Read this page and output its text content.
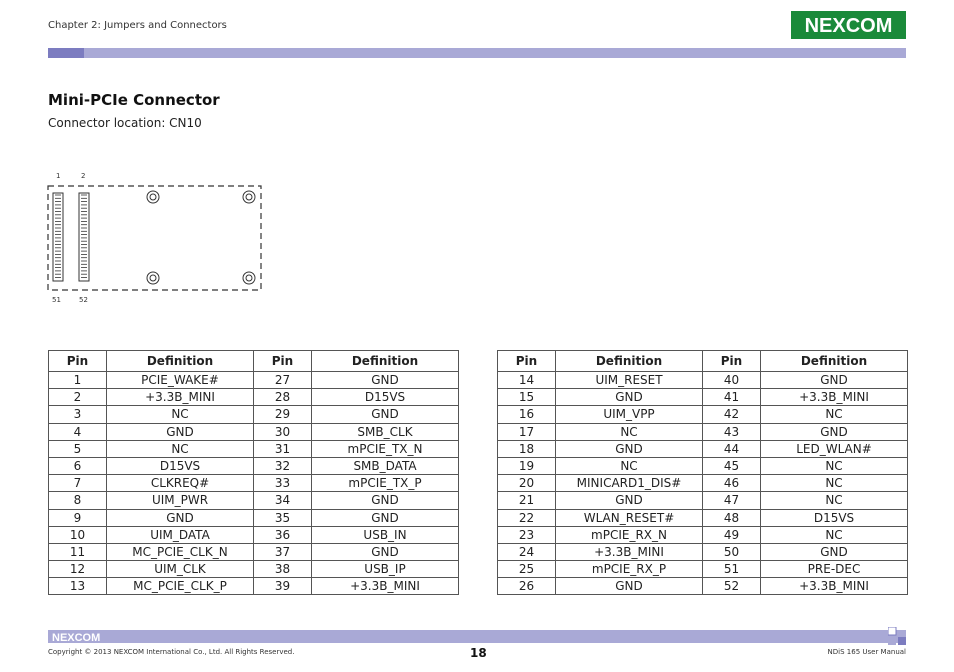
Chapter 2: Jumpers and Connectors	NEXCOM
Mini-PCIe Connector
Connector location: CN10
1	2
51	52
Pin	Definition	Pin	Definition
1	PCIE_WAKE#	27	GND
2	+3.3B_MINI	28	D15VS
3	NC	29	GND
4	GND	30	SMB_CLK
5	NC	31	mPCIE_TX_N
6	D15VS	32	SMB_DATA
7	CLKREQ#	33	mPCIE_TX_P
8	UIM_PWR	34	GND
9	GND	35	GND
10	UIM_DATA	36	USB_IN
11	MC_PCIE_CLK_N	37	GND
12	UIM_CLK	38	USB_IP
13	MC_PCIE_CLK_P	39	+3.3B_MINI
Pin	Definition	Pin	Definition
14	UIM_RESET	40	GND
15	GND	41	+3.3B_MINI
16	UIM_VPP	42	NC
17	NC	43	GND
18	GND	44	LED_WLAN#
19	NC	45	NC
20	MINICARD1_DIS#	46	NC
21	GND	47	NC
22	WLAN_RESET#	48	D15VS
23	mPCIE_RX_N	49	NC
24	+3.3B_MINI	50	GND
25	mPCIE_RX_P	51	PRE-DEC
26	GND	52	+3.3B_MINI
NEXCOM
Copyright © 2013 NEXCOM International Co., Ltd. All Rights Reserved.	18	NDiS 165 User Manual
